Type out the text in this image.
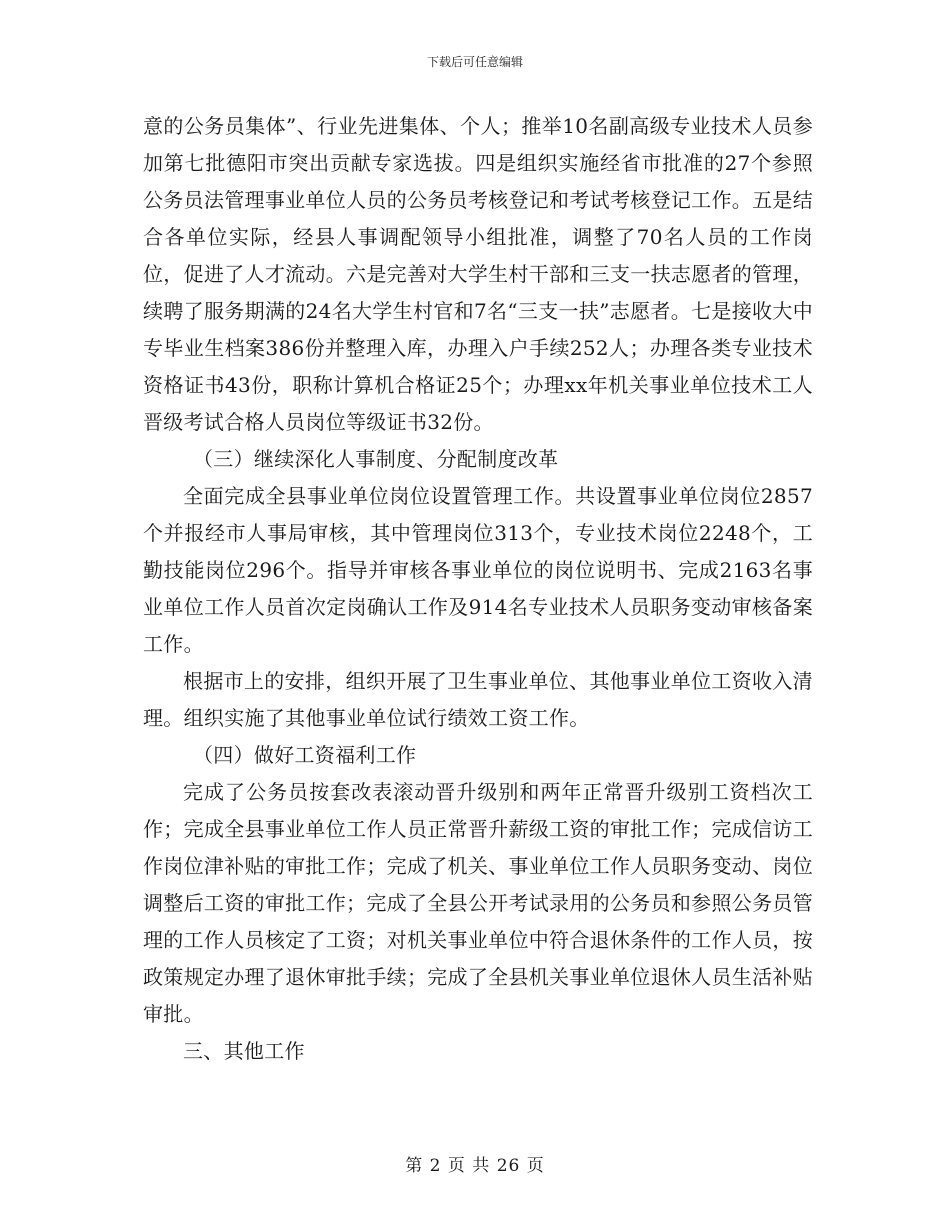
下载后可任意编辑

意的公务员集体”、行业先进集体、个人；推举10名副高级专业技术人员参加第七批德阳市突出贡献专家选拔。四是组织实施经省市批准的27个参照公务员法管理事业单位人员的公务员考核登记和考试考核登记工作。五是结合各单位实际，经县人事调配领导小组批准，调整了70名人员的工作岗位，促进了人才流动。六是完善对大学生村干部和三支一扶志愿者的管理，续聘了服务期满的24名大学生村官和7名“三支一扶”志愿者。七是接收大中专毕业生档案386份并整理入库，办理入户手续252人；办理各类专业技术资格证书43份，职称计算机合格证25个；办理xx年机关事业单位技术工人晋级考试合格人员岗位等级证书32份。

（三）继续深化人事制度、分配制度改革

全面完成全县事业单位岗位设置管理工作。共设置事业单位岗位2857个并报经市人事局审核，其中管理岗位313个，专业技术岗位2248个，工勤技能岗位296个。指导并审核各事业单位的岗位说明书、完成2163名事业单位工作人员首次定岗确认工作及914名专业技术人员职务变动审核备案工作。

根据市上的安排，组织开展了卫生事业单位、其他事业单位工资收入清理。组织实施了其他事业单位试行绩效工资工作。

（四）做好工资福利工作

完成了公务员按套改表滚动晋升级别和两年正常晋升级别工资档次工作；完成全县事业单位工作人员正常晋升薪级工资的审批工作；完成信访工作岗位津补贴的审批工作；完成了机关、事业单位工作人员职务变动、岗位调整后工资的审批工作；完成了全县公开考试录用的公务员和参照公务员管理的工作人员核定了工资；对机关事业单位中符合退休条件的工作人员，按政策规定办理了退休审批手续；完成了全县机关事业单位退休人员生活补贴审批。

三、其他工作

第 2 页 共 26 页
